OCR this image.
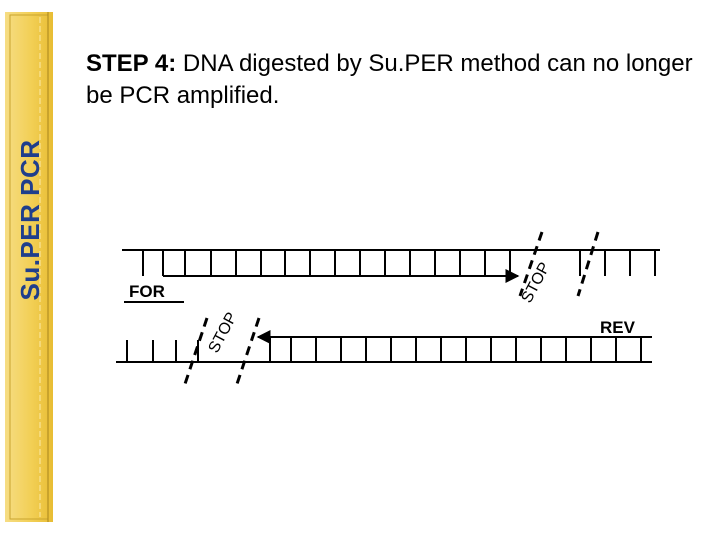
Su.PER PCR
STEP 4: DNA digested by Su.PER method can no longer be PCR amplified.
FOR	STOP
REV
STOP
